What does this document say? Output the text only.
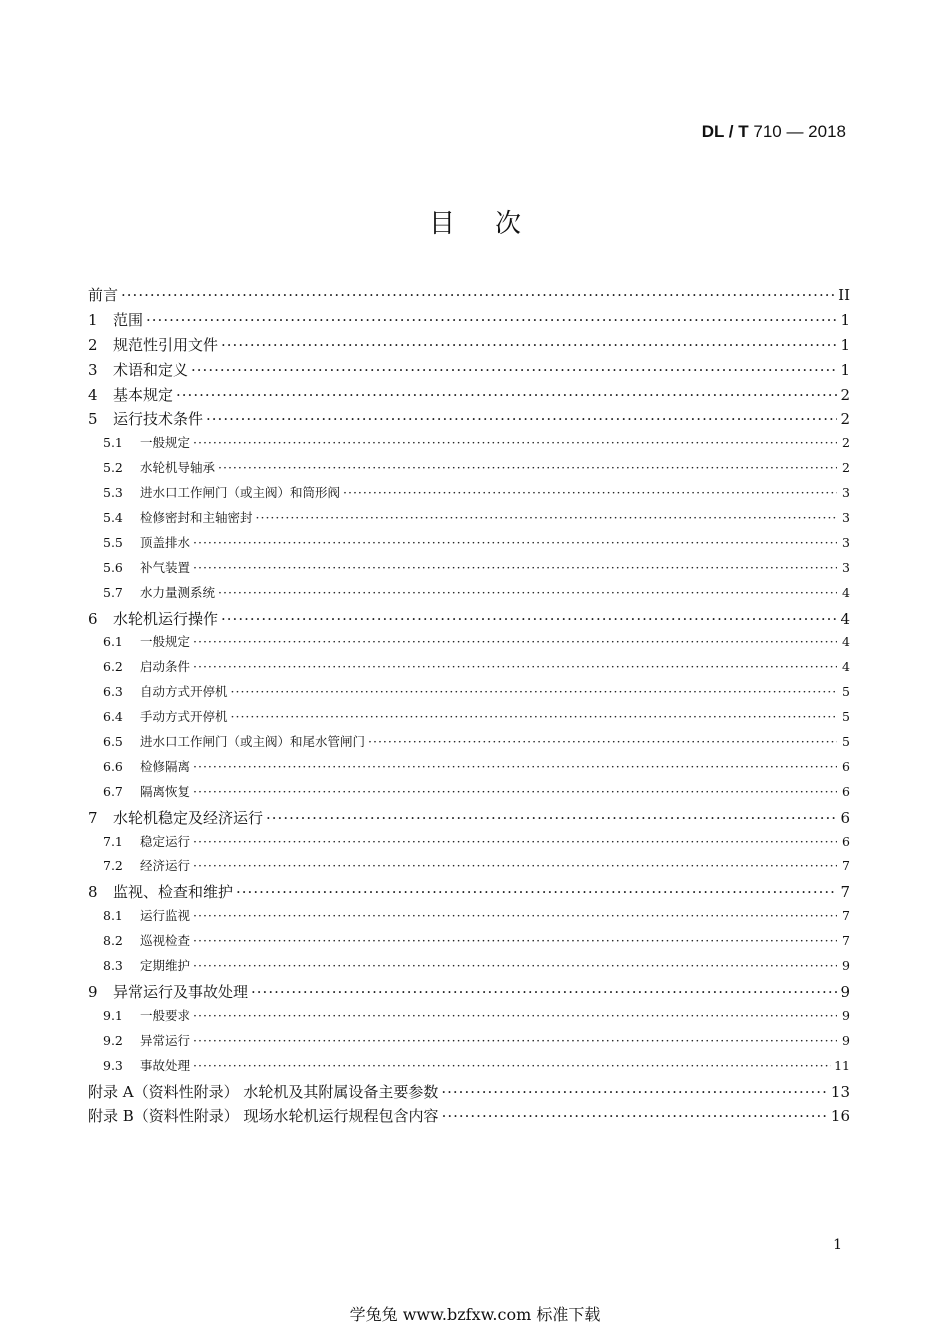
DL / T 710 — 2018
目次
前言 ·····	II
1	范围 ·····	1
2	规范性引用文件 ·····	1
3	术语和定义 ·····	1
4	基本规定 ·····	2
5	运行技术条件 ·····	2
5.1	一般规定 ·····	2
5.2	水轮机导轴承 ·····	2
5.3	进水口工作闸门（或主阀）和筒形阀 ·····	3
5.4	检修密封和主轴密封 ·····	3
5.5	顶盖排水 ·····	3
5.6	补气装置 ·····	3
5.7	水力量测系统 ·····	4
6	水轮机运行操作 ·····	4
6.1	一般规定 ·····	4
6.2	启动条件 ·····	4
6.3	自动方式开停机 ·····	5
6.4	手动方式开停机 ·····	5
6.5	进水口工作闸门（或主阀）和尾水管闸门 ·····	5
6.6	检修隔离 ·····	6
6.7	隔离恢复 ·····	6
7	水轮机稳定及经济运行 ·····	6
7.1	稳定运行 ·····	6
7.2	经济运行 ·····	7
8	监视、检查和维护 ·····	7
8.1	运行监视 ·····	7
8.2	巡视检查 ·····	7
8.3	定期维护 ·····	9
9	异常运行及事故处理 ·····	9
9.1	一般要求 ·····	9
9.2	异常运行 ·····	9
9.3	事故处理 ·····	11
附录 A（资料性附录） 水轮机及其附属设备主要参数 ·····	13
附录 B（资料性附录） 现场水轮机运行规程包含内容 ·····	16
1
学兔兔 www.bzfxw.com 标准下载
